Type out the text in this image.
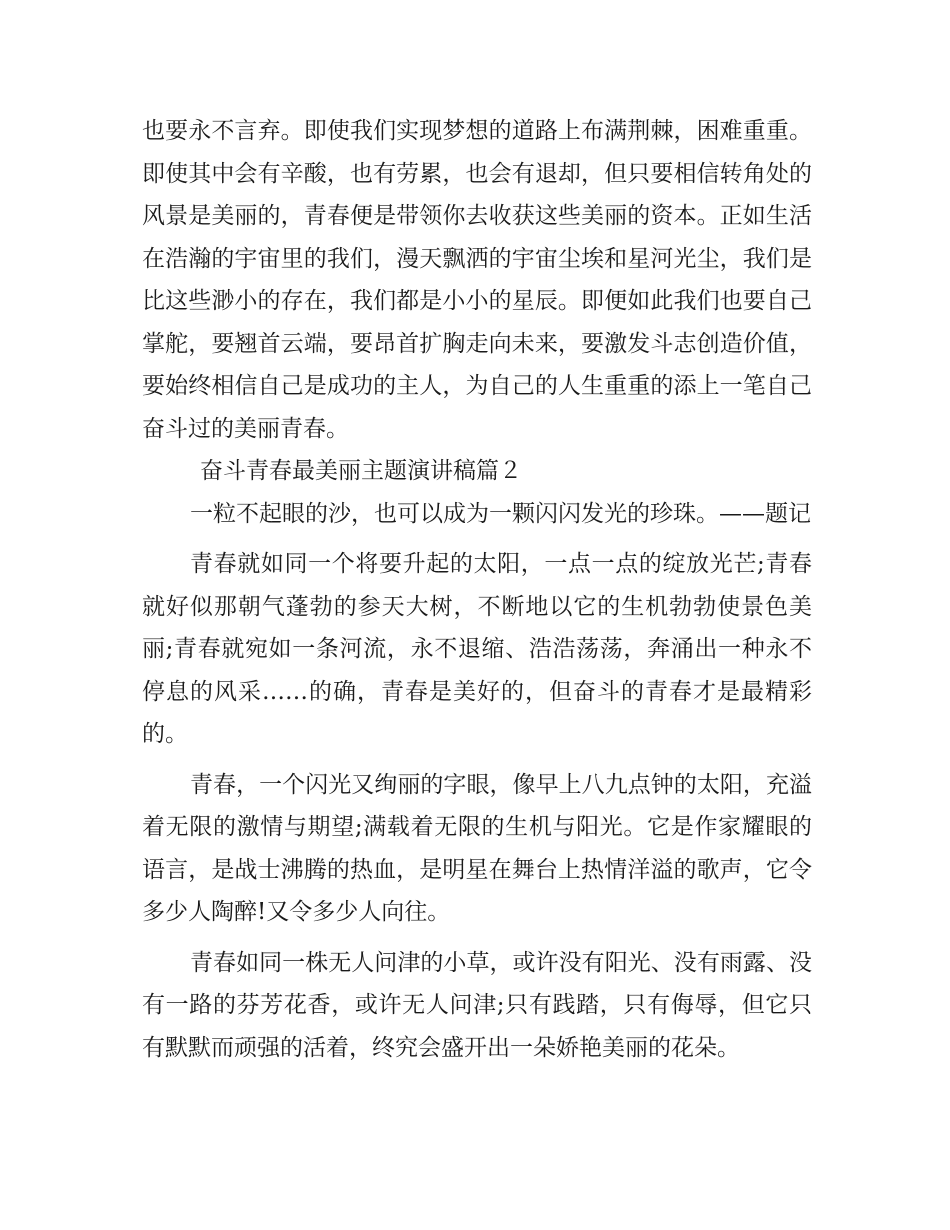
也要永不言弃。即使我们实现梦想的道路上布满荆棘，困难重重。即使其中会有辛酸，也有劳累，也会有退却，但只要相信转角处的风景是美丽的，青春便是带领你去收获这些美丽的资本。正如生活在浩瀚的宇宙里的我们，漫天飘洒的宇宙尘埃和星河光尘，我们是比这些渺小的存在，我们都是小小的星辰。即便如此我们也要自己掌舵，要翘首云端，要昂首扩胸走向未来，要激发斗志创造价值，要始终相信自己是成功的主人，为自己的人生重重的添上一笔自己奋斗过的美丽青春。

奋斗青春最美丽主题演讲稿篇２

一粒不起眼的沙，也可以成为一颗闪闪发光的珍珠。——题记

青春就如同一个将要升起的太阳，一点一点的绽放光芒;青春就好似那朝气蓬勃的参天大树，不断地以它的生机勃勃使景色美丽;青春就宛如一条河流，永不退缩、浩浩荡荡，奔涌出一种永不停息的风采……的确，青春是美好的，但奋斗的青春才是最精彩的。

青春，一个闪光又绚丽的字眼，像早上八九点钟的太阳，充溢着无限的激情与期望;满载着无限的生机与阳光。它是作家耀眼的语言，是战士沸腾的热血，是明星在舞台上热情洋溢的歌声，它令多少人陶醉!又令多少人向往。

青春如同一株无人问津的小草，或许没有阳光、没有雨露、没有一路的芬芳花香，或许无人问津;只有践踏，只有侮辱，但它只有默默而顽强的活着，终究会盛开出一朵娇艳美丽的花朵。
